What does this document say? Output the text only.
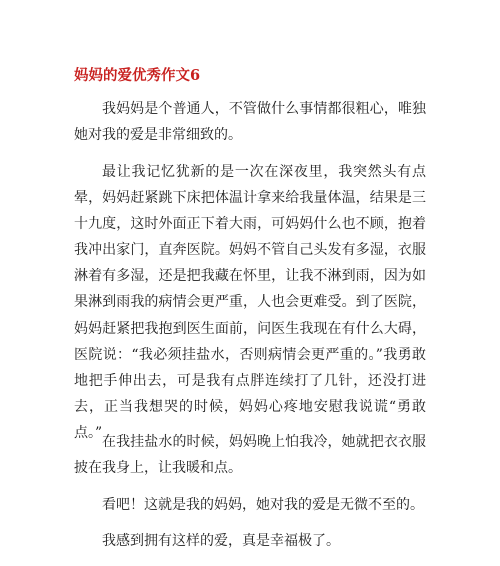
妈妈的爱优秀作文6

我妈妈是个普通人，不管做什么事情都很粗心，唯独她对我的爱是非常细致的。

最让我记忆犹新的是一次在深夜里，我突然头有点晕，妈妈赶紧跳下床把体温计拿来给我量体温，结果是三十九度，这时外面正下着大雨，可妈妈什么也不顾，抱着我冲出家门，直奔医院。妈妈不管自己头发有多湿，衣服淋着有多湿，还是把我藏在怀里，让我不淋到雨，因为如果淋到雨我的病情会更严重，人也会更难受。到了医院，妈妈赶紧把我抱到医生面前，问医生我现在有什么大碍，医院说：“我必须挂盐水，否则病情会更严重的。”我勇敢地把手伸出去，可是我有点胖连续打了几针，还没打进去，正当我想哭的时候，妈妈心疼地安慰我说谎“勇敢点。”

在我挂盐水的时候，妈妈晚上怕我冷，她就把衣衣服披在我身上，让我暖和点。

看吧！这就是我的妈妈，她对我的爱是无微不至的。

我感到拥有这样的爱，真是幸福极了。
